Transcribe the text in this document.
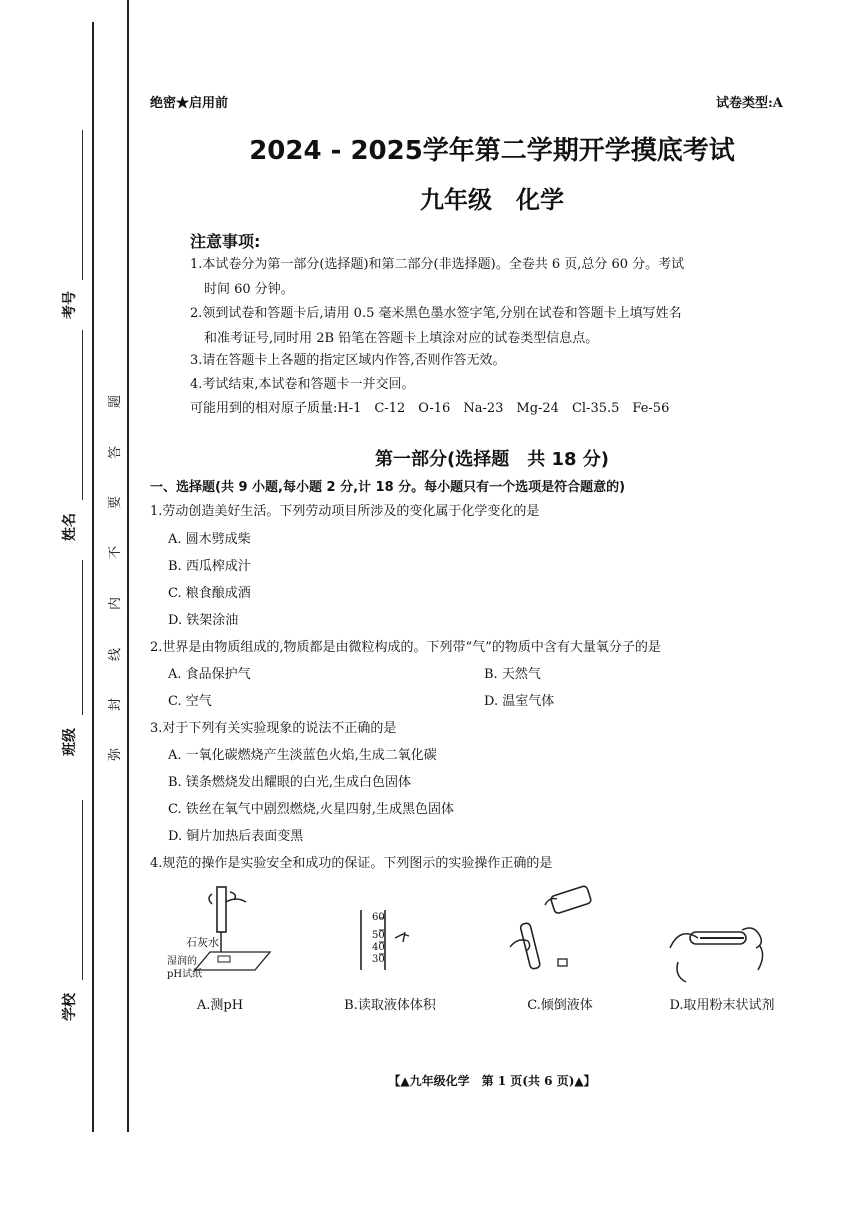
考号
姓名
班级
学校
题
答
要
不
内
线
封
弥
绝密★启用前	试卷类型:A
2024 - 2025学年第二学期开学摸底考试
九年级　化学
注意事项:
1.本试卷分为第一部分(选择题)和第二部分(非选择题)。全卷共 6 页,总分 60 分。考试
时间 60 分钟。
2.领到试卷和答题卡后,请用 0.5 毫米黑色墨水签字笔,分别在试卷和答题卡上填写姓名
和准考证号,同时用 2B 铅笔在答题卡上填涂对应的试卷类型信息点。
3.请在答题卡上各题的指定区域内作答,否则作答无效。
4.考试结束,本试卷和答题卡一并交回。
可能用到的相对原子质量:H-1　C-12　O-16　Na-23　Mg-24　Cl-35.5　Fe-56
第一部分(选择题　共 18 分)
一、选择题(共 9 小题,每小题 2 分,计 18 分。每小题只有一个选项是符合题意的)
1.劳动创造美好生活。下列劳动项目所涉及的变化属于化学变化的是
A. 圆木劈成柴
B. 西瓜榨成汁
C. 粮食酿成酒
D. 铁架涂油
2.世界是由物质组成的,物质都是由微粒构成的。下列带“气”的物质中含有大量氧分子的是
A. 食品保护气	B. 天然气
C. 空气	D. 温室气体
3.对于下列有关实验现象的说法不正确的是
A. 一氧化碳燃烧产生淡蓝色火焰,生成二氧化碳
B. 镁条燃烧发出耀眼的白光,生成白色固体
C. 铁丝在氧气中剧烈燃烧,火星四射,生成黑色固体
D. 铜片加热后表面变黑
4.规范的操作是实验安全和成功的保证。下列图示的实验操作正确的是
石灰水
湿润的
pH试纸
60
50
40
30
A.测pH	B.读取液体体积	C.倾倒液体	D.取用粉末状试剂
【▲九年级化学　第 1 页(共 6 页)▲】
